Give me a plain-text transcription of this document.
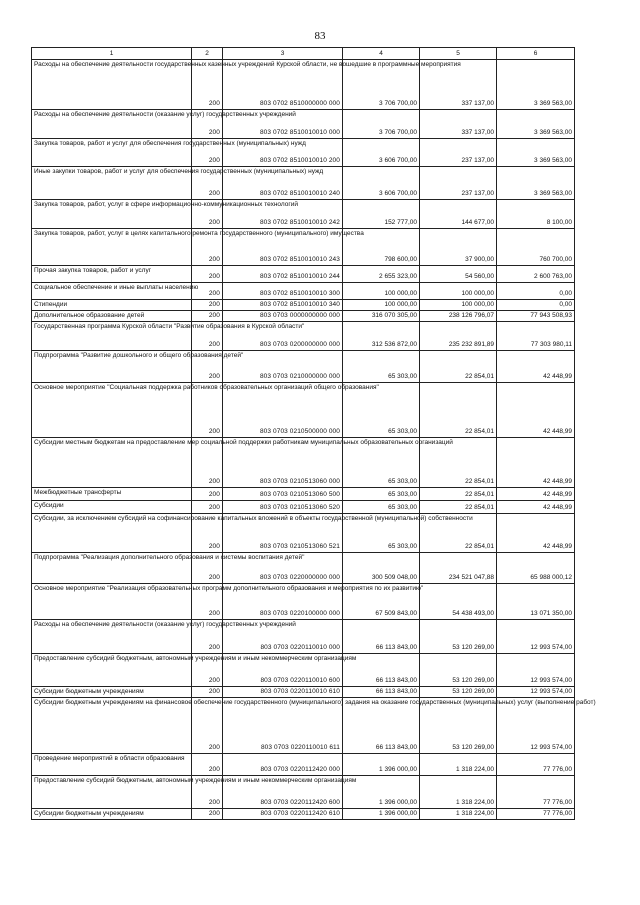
83
1	2	3	4	5	6
Расходы на обеспечение деятельности государственных казенных учреждений Курской области, не вошедшие в программные мероприятия	200	803 0702 8510000000 000	3 706 700,00	337 137,00	3 369 563,00
Расходы на обеспечение деятельности (оказание услуг) государственных учреждений	200	803 0702 8510010010 000	3 706 700,00	337 137,00	3 369 563,00
Закупка товаров, работ и услуг для обеспечения государственных (муниципальных) нужд	200	803 0702 8510010010 200	3 606 700,00	237 137,00	3 369 563,00
Иные закупки товаров, работ и услуг для обеспечения государственных (муниципальных) нужд	200	803 0702 8510010010 240	3 606 700,00	237 137,00	3 369 563,00
Закупка товаров, работ, услуг в сфере информационно-коммуникационных технологий	200	803 0702 8510010010 242	152 777,00	144 677,00	8 100,00
Закупка товаров, работ, услуг в целях капитального ремонта государственного (муниципального) имущества	200	803 0702 8510010010 243	798 600,00	37 900,00	760 700,00
Прочая закупка товаров, работ и услуг	200	803 0702 8510010010 244	2 655 323,00	54 560,00	2 600 763,00
Социальное обеспечение и иные выплаты населению	200	803 0702 8510010010 300	100 000,00	100 000,00	0,00
Стипендии	200	803 0702 8510010010 340	100 000,00	100 000,00	0,00
Дополнительное образование детей	200	803 0703 0000000000 000	316 070 305,00	238 126 796,07	77 943 508,93
Государственная программа Курской области "Развитие образования в Курской области"	200	803 0703 0200000000 000	312 536 872,00	235 232 891,89	77 303 980,11
Подпрограмма "Развитие дошкольного и общего образования детей"	200	803 0703 0210000000 000	65 303,00	22 854,01	42 448,99
Основное мероприятие "Социальная поддержка работников образовательных организаций общего образования"	200	803 0703 0210500000 000	65 303,00	22 854,01	42 448,99
Субсидии местным бюджетам на предоставление мер социальной поддержки работникам муниципальных образовательных организаций	200	803 0703 0210513060 000	65 303,00	22 854,01	42 448,99
Межбюджетные трансферты	200	803 0703 0210513060 500	65 303,00	22 854,01	42 448,99
Субсидии	200	803 0703 0210513060 520	65 303,00	22 854,01	42 448,99
Субсидии, за исключением субсидий на софинансирование капитальных вложений в объекты государственной (муниципальной) собственности	200	803 0703 0210513060 521	65 303,00	22 854,01	42 448,99
Подпрограмма "Реализация дополнительного образования и системы воспитания детей"	200	803 0703 0220000000 000	300 509 048,00	234 521 047,88	65 988 000,12
Основное мероприятие "Реализация образовательных программ дополнительного образования и мероприятия по их развитию"	200	803 0703 0220100000 000	67 509 843,00	54 438 493,00	13 071 350,00
Расходы на обеспечение деятельности (оказание услуг) государственных учреждений	200	803 0703 0220110010 000	66 113 843,00	53 120 269,00	12 993 574,00
Предоставление субсидий бюджетным, автономным учреждениям и иным некоммерческим организациям	200	803 0703 0220110010 600	66 113 843,00	53 120 269,00	12 993 574,00
Субсидии бюджетным учреждениям	200	803 0703 0220110010 610	66 113 843,00	53 120 269,00	12 993 574,00
Субсидии бюджетным учреждениям на финансовое обеспечение государственного (муниципального) задания на оказание государственных (муниципальных) услуг (выполнение работ)	200	803 0703 0220110010 611	66 113 843,00	53 120 269,00	12 993 574,00
Проведение мероприятий в области образования	200	803 0703 0220112420 000	1 396 000,00	1 318 224,00	77 776,00
Предоставление субсидий бюджетным, автономным учреждениям и иным некоммерческим организациям	200	803 0703 0220112420 600	1 396 000,00	1 318 224,00	77 776,00
Субсидии бюджетным учреждениям	200	803 0703 0220112420 610	1 396 000,00	1 318 224,00	77 776,00
